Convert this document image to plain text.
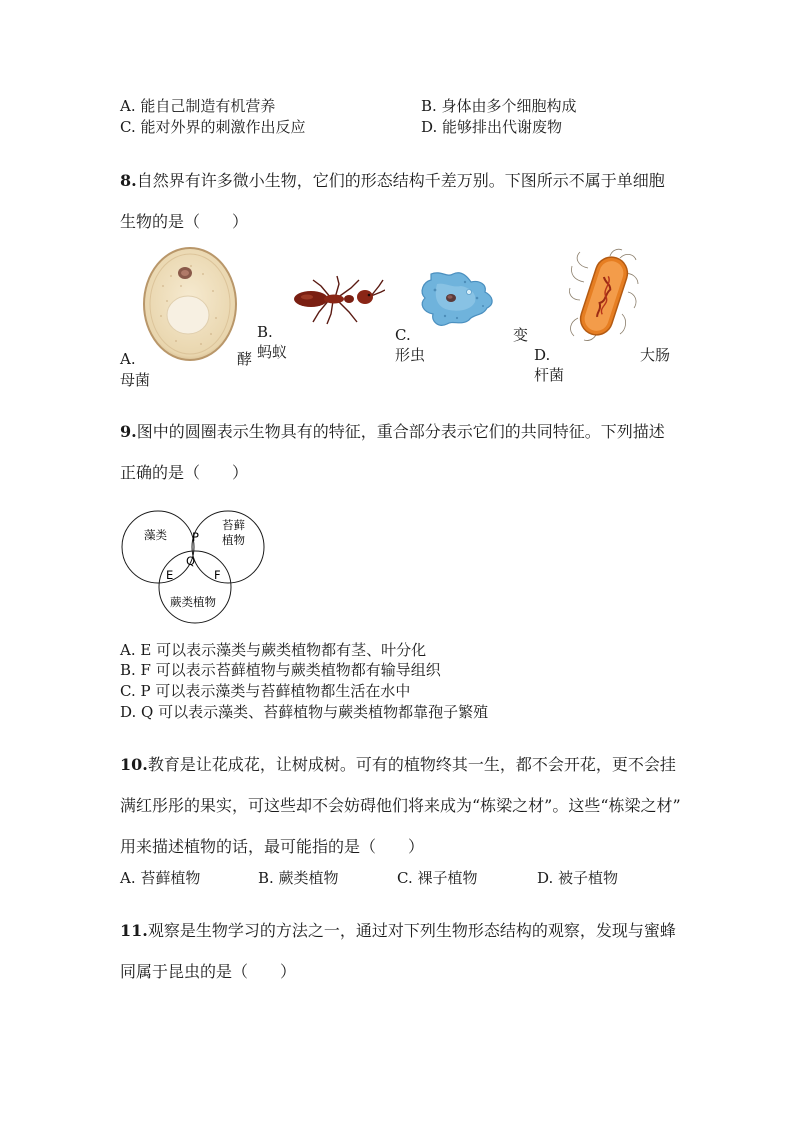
A. 能自己制造有机营养	B. 身体由多个细胞构成
C. 能对外界的刺激作出反应	D. 能够排出代谢废物
8.自然界有许多微小生物，它们的形态结构千差万别。下图所示不属于单细胞
生物的是（　　）
A.	酵
母菌
B.
蚂蚁
C.	变
形虫	D.	大肠
杆菌
9.图中的圆圈表示生物具有的特征，重合部分表示它们的共同特征。下列描述
正确的是（　　）
藻类
苔藓
植物
蕨类植物
P
Q
E	F
A. E 可以表示藻类与蕨类植物都有茎、叶分化
B. F 可以表示苔藓植物与蕨类植物都有输导组织
C. P 可以表示藻类与苔藓植物都生活在水中
D. Q 可以表示藻类、苔藓植物与蕨类植物都靠孢子繁殖
10.教育是让花成花，让树成树。可有的植物终其一生，都不会开花，更不会挂
满红彤彤的果实，可这些却不会妨碍他们将来成为“栋梁之材”。这些“栋梁之材”
用来描述植物的话，最可能指的是（　　）
A. 苔藓植物	B. 蕨类植物	C. 裸子植物	D. 被子植物
11.观察是生物学习的方法之一，通过对下列生物形态结构的观察，发现与蜜蜂
同属于昆虫的是（　　）
